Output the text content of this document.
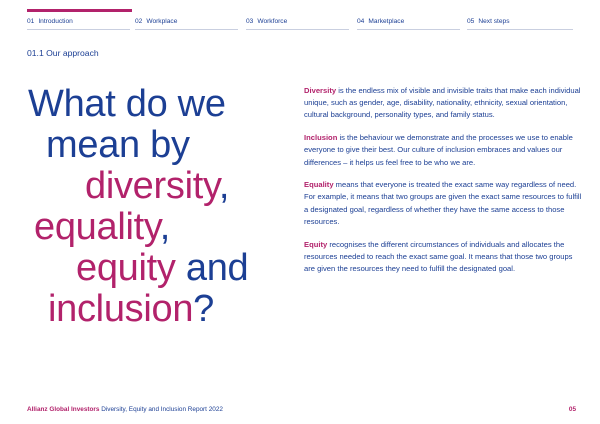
01 Introduction	02 Workplace	03 Workforce	04 Marketplace	05 Next steps
01.1 Our approach
What do we
mean by
diversity,
equality,
equity and
inclusion?

Diversity is the endless mix of visible and invisible traits that make each individual unique, such as gender, age, disability, nationality, ethnicity, sexual orientation, cultural background, personality types, and family status.

Inclusion is the behaviour we demonstrate and the processes we use to enable everyone to give their best. Our culture of inclusion embraces and values our differences – it helps us feel free to be who we are.

Equality means that everyone is treated the exact same way regardless of need. For example, it means that two groups are given the exact same resources to fulfill a designated goal, regardless of whether they have the same access to those resources.

Equity recognises the different circumstances of individuals and allocates the resources needed to reach the exact same goal. It means that those two groups are given the resources they need to fulfill the designated goal.

Allianz Global Investors Diversity, Equity and Inclusion Report 2022	05
